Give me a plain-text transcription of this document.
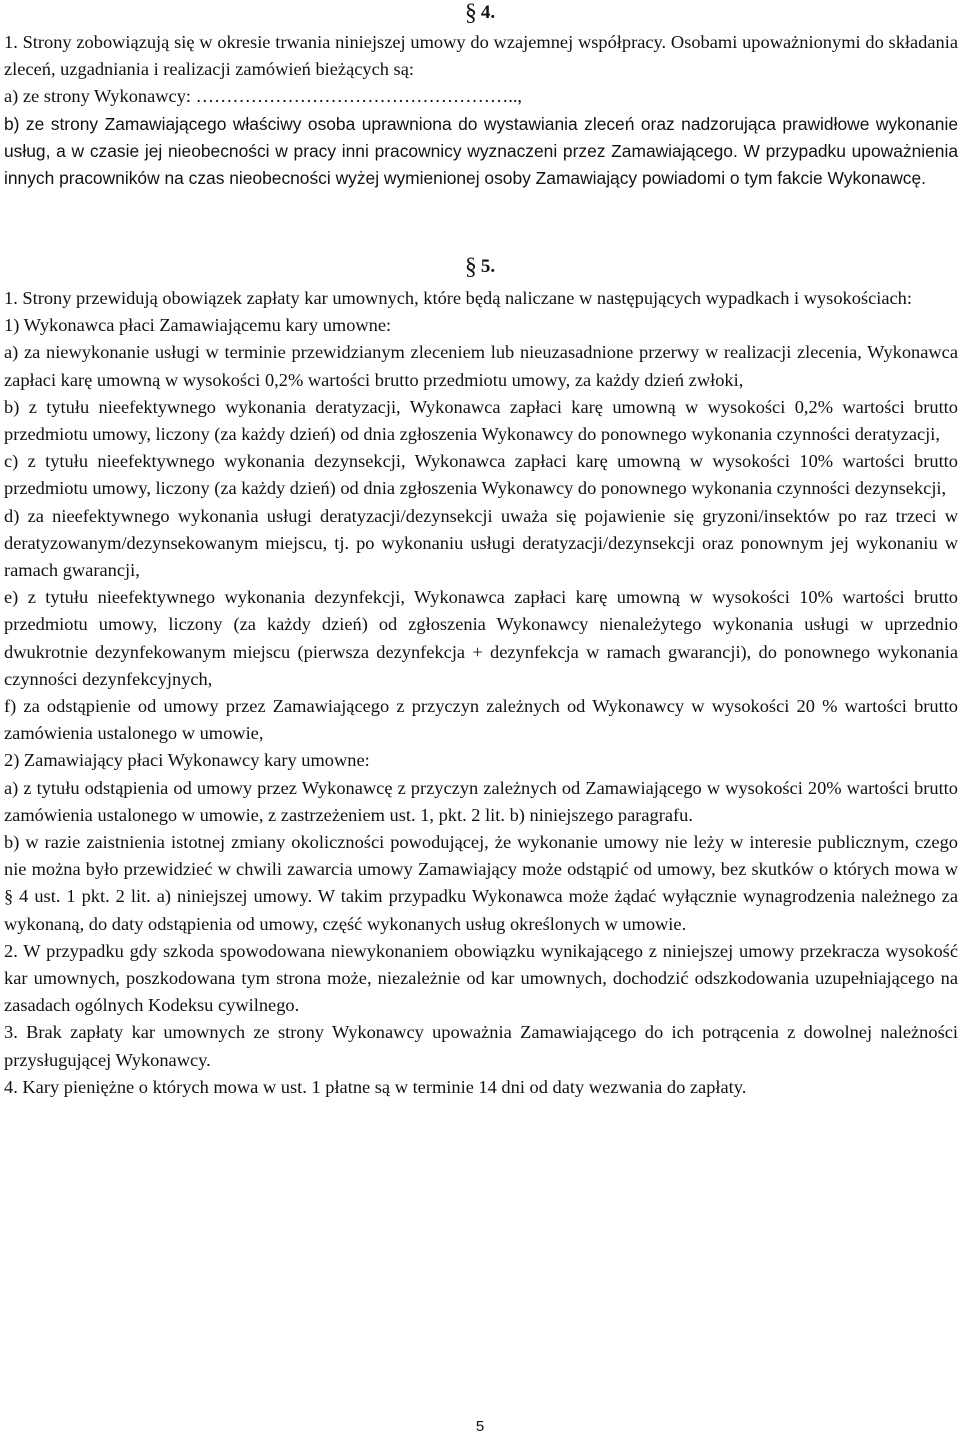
§ 4.

1. Strony zobowiązują się w okresie trwania niniejszej umowy do wzajemnej współpracy. Osobami upoważnionymi do składania zleceń, uzgadniania i realizacji zamówień bieżących są:

a) ze strony Wykonawcy: ……………………………………………..,

b) ze strony Zamawiającego właściwy osoba uprawniona do wystawiania zleceń oraz nadzorująca prawidłowe wykonanie usług, a w czasie jej nieobecności w pracy inni pracownicy wyznaczeni przez Zamawiającego. W przypadku upoważnienia innych pracowników na czas nieobecności wyżej wymienionej osoby Zamawiający powiadomi o tym fakcie Wykonawcę.

§ 5.

1. Strony przewidują obowiązek zapłaty kar umownych, które będą naliczane w następujących wypadkach i wysokościach:

1) Wykonawca płaci Zamawiającemu kary umowne:

a) za niewykonanie usługi w terminie przewidzianym zleceniem lub nieuzasadnione przerwy w realizacji zlecenia, Wykonawca zapłaci karę umowną w wysokości 0,2% wartości brutto przedmiotu umowy, za każdy dzień zwłoki,

b) z tytułu nieefektywnego wykonania deratyzacji, Wykonawca zapłaci karę umowną w wysokości 0,2% wartości brutto przedmiotu umowy, liczony (za każdy dzień) od dnia zgłoszenia Wykonawcy do ponownego wykonania czynności deratyzacji,

c) z tytułu nieefektywnego wykonania dezynsekcji, Wykonawca zapłaci karę umowną w wysokości 10% wartości brutto przedmiotu umowy, liczony (za każdy dzień) od dnia zgłoszenia Wykonawcy do ponownego wykonania czynności dezynsekcji,

d) za nieefektywnego wykonania usługi deratyzacji/dezynsekcji uważa się pojawienie się gryzoni/insektów po raz trzeci w deratyzowanym/dezynsekowanym miejscu, tj. po wykonaniu usługi deratyzacji/dezynsekcji oraz ponownym jej wykonaniu w ramach gwarancji,

e) z tytułu nieefektywnego wykonania dezynfekcji, Wykonawca zapłaci karę umowną w wysokości 10% wartości brutto przedmiotu umowy, liczony (za każdy dzień) od zgłoszenia Wykonawcy nienależytego wykonania usługi w uprzednio dwukrotnie dezynfekowanym miejscu (pierwsza dezynfekcja + dezynfekcja w ramach gwarancji), do ponownego wykonania czynności dezynfekcyjnych,

f) za odstąpienie od umowy przez Zamawiającego z przyczyn zależnych od Wykonawcy w wysokości 20 % wartości brutto zamówienia ustalonego w umowie,

2) Zamawiający płaci Wykonawcy kary umowne:

a) z tytułu odstąpienia od umowy przez Wykonawcę z przyczyn zależnych od Zamawiającego w wysokości 20% wartości brutto zamówienia ustalonego w umowie, z zastrzeżeniem ust. 1, pkt. 2 lit. b) niniejszego paragrafu.

b) w razie zaistnienia istotnej zmiany okoliczności powodującej, że wykonanie umowy nie leży w interesie publicznym, czego nie można było przewidzieć w chwili zawarcia umowy Zamawiający może odstąpić od umowy, bez skutków o których mowa w § 4 ust. 1 pkt. 2 lit. a) niniejszej umowy. W takim przypadku Wykonawca może żądać wyłącznie wynagrodzenia należnego za wykonaną, do daty odstąpienia od umowy, część wykonanych usług określonych w umowie.

2. W przypadku gdy szkoda spowodowana niewykonaniem obowiązku wynikającego z niniejszej umowy przekracza wysokość kar umownych, poszkodowana tym strona może, niezależnie od kar umownych, dochodzić odszkodowania uzupełniającego na zasadach ogólnych Kodeksu cywilnego.

3. Brak zapłaty kar umownych ze strony Wykonawcy upoważnia Zamawiającego do ich potrącenia z dowolnej należności przysługującej Wykonawcy.

4. Kary pieniężne o których mowa w ust. 1 płatne są w terminie 14 dni od daty wezwania do zapłaty.

5
